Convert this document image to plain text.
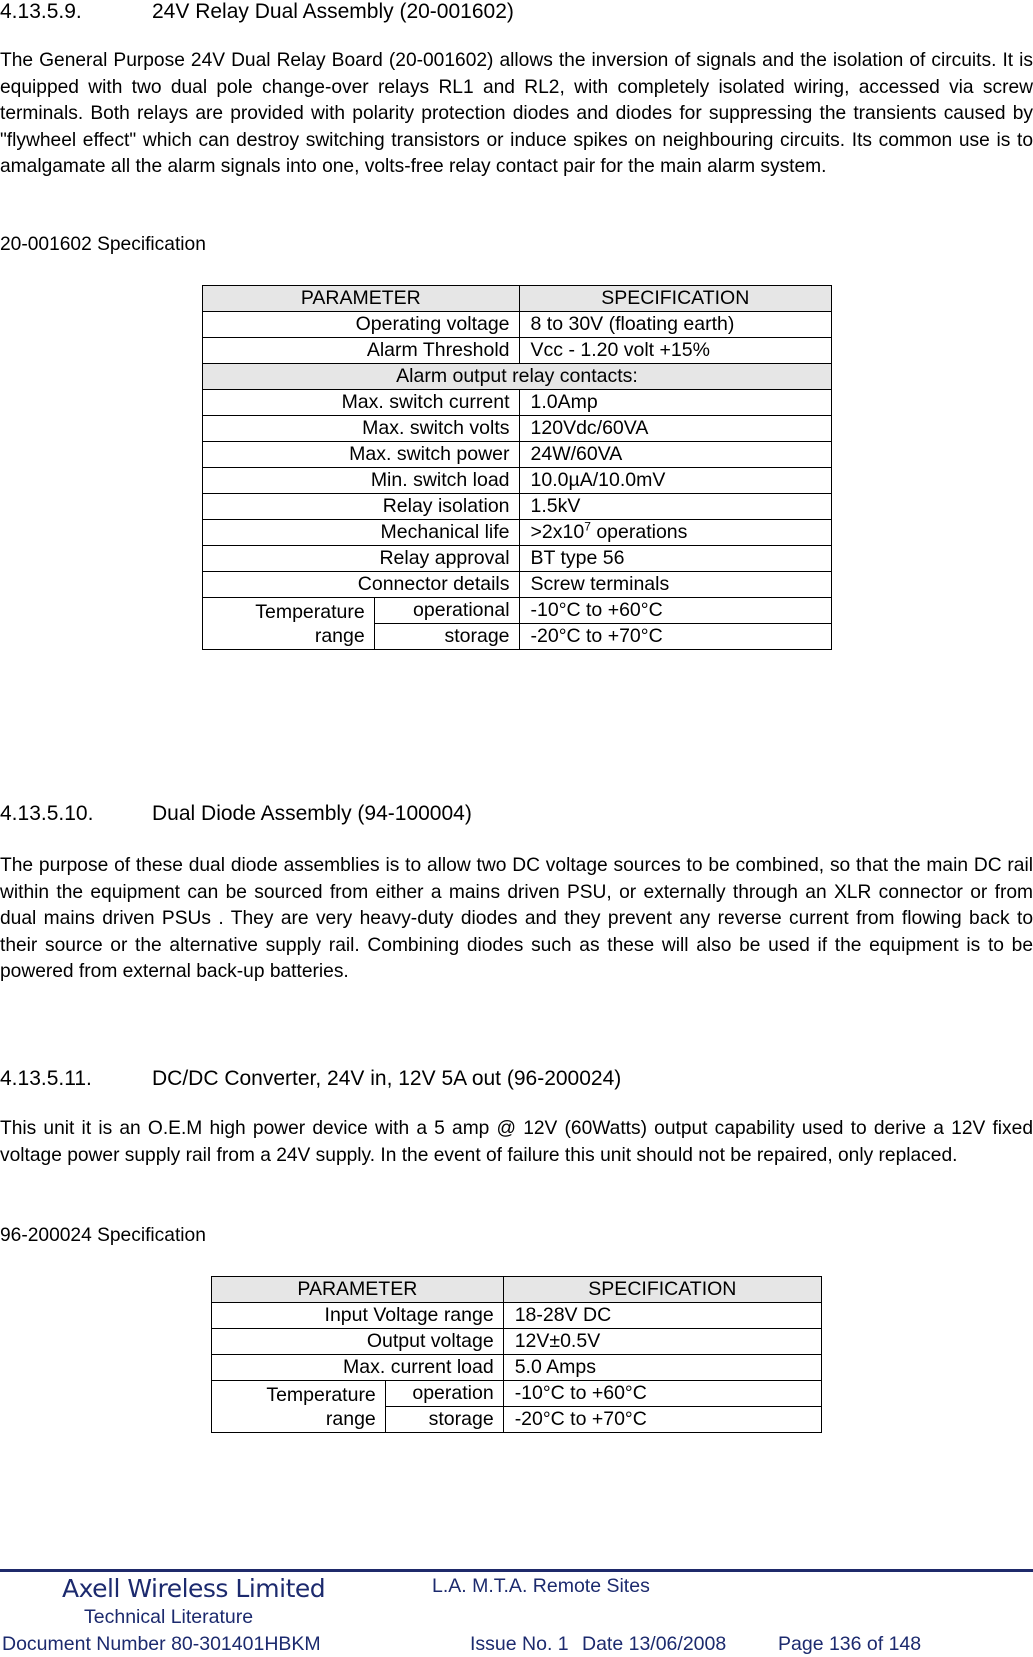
4.13.5.9.	24V Relay Dual Assembly (20-001602)

The General Purpose 24V Dual Relay Board (20-001602) allows the inversion of signals and the isolation of circuits. It is equipped with two dual pole change-over relays RL1 and RL2, with completely isolated wiring, accessed via screw terminals. Both relays are provided with polarity protection diodes and diodes for suppressing the transients caused by "flywheel effect" which can destroy switching transistors or induce spikes on neighbouring circuits. Its common use is to amalgamate all the alarm signals into one, volts-free relay contact pair for the main alarm system.

20-001602 Specification
PARAMETER		SPECIFICATION
Operating voltage		8 to 30V (floating earth)
Alarm Threshold		Vcc - 1.20 volt +15%
Alarm output relay contacts:		
Max. switch current		1.0Amp
Max. switch volts		120Vdc/60VA
Max. switch power		24W/60VA
Min. switch load		10.0µA/10.0mV
Relay isolation		1.5kV
Mechanical life		$>2x10^7$ operations
Relay approval		BT type 56
Connector details		Screw terminals

Temperature
range	operational	-10°C to +60°C
	storage	-20°C to +70°C
4.13.5.10.	Dual Diode Assembly (94-100004)

The purpose of these dual diode assemblies is to allow two DC voltage sources to be combined, so that the main DC rail within the equipment can be sourced from either a mains driven PSU, or externally through an XLR connector or from dual mains driven PSUs . They are very heavy-duty diodes and they prevent any reverse current from flowing back to their source or the alternative supply rail. Combining diodes such as these will also be used if the equipment is to be powered from external back-up batteries.

4.13.5.11.	DC/DC Converter, 24V in, 12V 5A out (96-200024)

This unit it is an O.E.M high power device with a 5 amp @ 12V (60Watts) output capability used to derive a 12V fixed voltage power supply rail from a 24V supply. In the event of failure this unit should not be repaired, only replaced.

96-200024 Specification
PARAMETER		SPECIFICATION
Input Voltage range		18-28V DC
Output voltage		12V±0.5V
Max. current load		5.0 Amps

Temperature
range	operation	-10°C to +60°C
	storage	-20°C to +70°C
Axell Wireless Limited	L.A. M.T.A. Remote Sites
Technical Literature
Document Number 80-301401HBKM	Issue No. 1 Date 13/06/2008	Page 136 of 148
